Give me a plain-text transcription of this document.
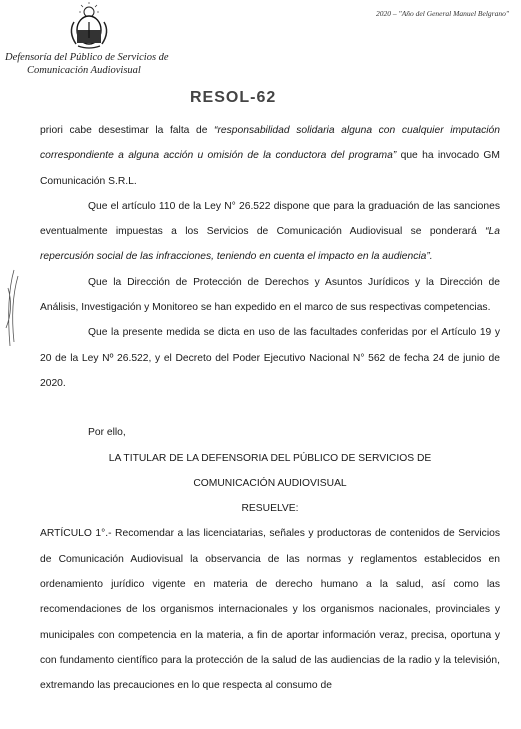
2020 – "Año del General Manuel Belgrano"
Defensoría del Público de Servicios de
Comunicación Audiovisual
RESOL-62

priori cabe desestimar la falta de “responsabilidad solidaria alguna con cualquier imputación correspondiente a alguna acción u omisión de la conductora del programa” que ha invocado GM Comunicación S.R.L.

Que el artículo 110 de la Ley N° 26.522 dispone que para la graduación de las sanciones eventualmente impuestas a los Servicios de Comunicación Audiovisual se ponderará “La repercusión social de las infracciones, teniendo en cuenta el impacto en la audiencia”.

Que la Dirección de Protección de Derechos y Asuntos Jurídicos y la Dirección de Análisis, Investigación y Monitoreo se han expedido en el marco de sus respectivas competencias.

Que la presente medida se dicta en uso de las facultades conferidas por el Artículo 19 y 20 de la Ley Nº 26.522, y el Decreto del Poder Ejecutivo Nacional N° 562 de fecha 24 de junio de 2020.

Por ello,

LA TITULAR DE LA DEFENSORIA DEL PÚBLICO DE SERVICIOS DE

COMUNICACIÓN AUDIOVISUAL

RESUELVE:

ARTÍCULO 1°.- Recomendar a las licenciatarias, señales y productoras de contenidos de Servicios de Comunicación Audiovisual la observancia de las normas y reglamentos establecidos en ordenamiento jurídico vigente en materia de derecho humano a la salud, así como las recomendaciones de los organismos internacionales y los organismos nacionales, provinciales y municipales con competencia en la materia, a fin de aportar información veraz, precisa, oportuna y con fundamento científico para la protección de la salud de las audiencias de la radio y la televisión, extremando las precauciones en lo que respecta al consumo de
